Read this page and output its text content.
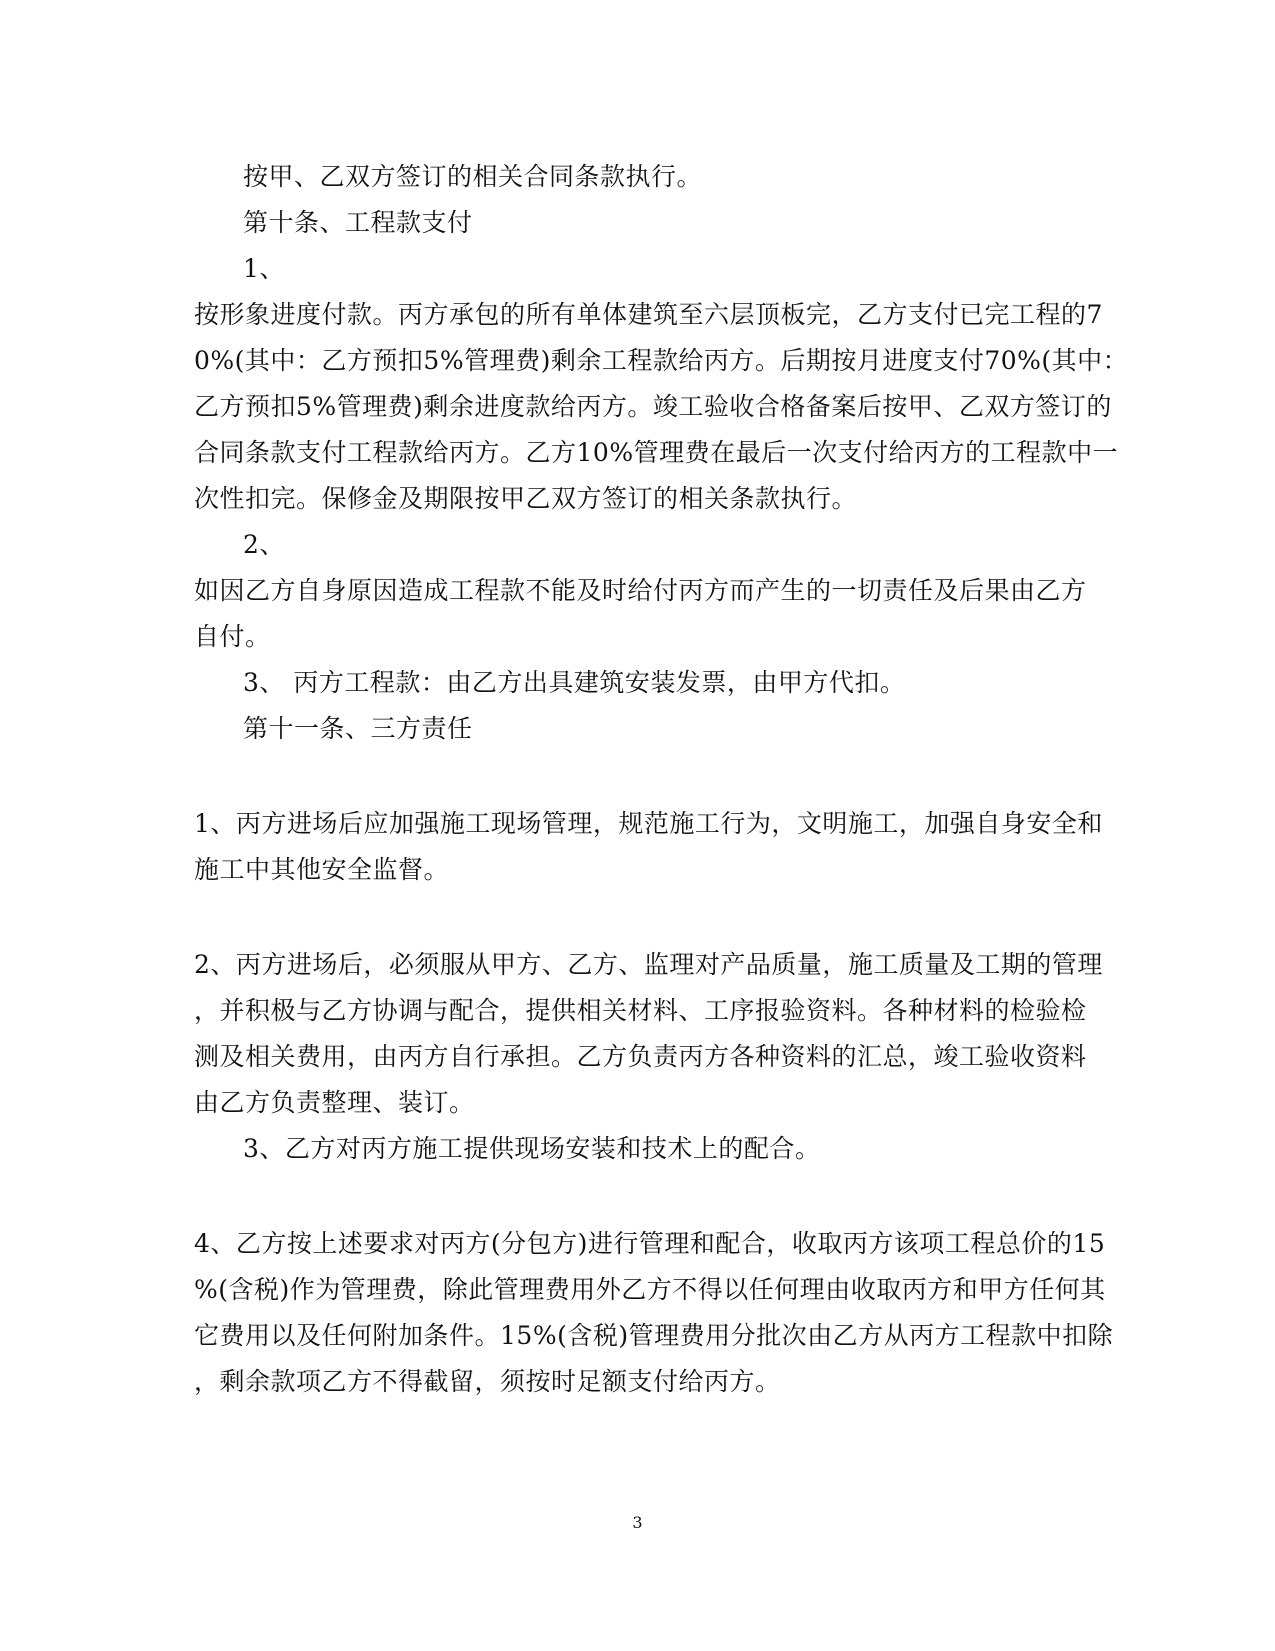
按甲、乙双方签订的相关合同条款执行。
第十条、工程款支付
1、
按形象进度付款。丙方承包的所有单体建筑至六层顶板完，乙方支付已完工程的7
0%(其中：乙方预扣5%管理费)剩余工程款给丙方。后期按月进度支付70%(其中：
乙方预扣5%管理费)剩余进度款给丙方。竣工验收合格备案后按甲、乙双方签订的
合同条款支付工程款给丙方。乙方10%管理费在最后一次支付给丙方的工程款中一
次性扣完。保修金及期限按甲乙双方签订的相关条款执行。
2、
如因乙方自身原因造成工程款不能及时给付丙方而产生的一切责任及后果由乙方
自付。
3、 丙方工程款：由乙方出具建筑安装发票，由甲方代扣。
第十一条、三方责任
1、丙方进场后应加强施工现场管理，规范施工行为，文明施工，加强自身安全和
施工中其他安全监督。
2、丙方进场后，必须服从甲方、乙方、监理对产品质量，施工质量及工期的管理
，并积极与乙方协调与配合，提供相关材料、工序报验资料。各种材料的检验检
测及相关费用，由丙方自行承担。乙方负责丙方各种资料的汇总，竣工验收资料
由乙方负责整理、装订。
3、乙方对丙方施工提供现场安装和技术上的配合。
4、乙方按上述要求对丙方(分包方)进行管理和配合，收取丙方该项工程总价的15
%(含税)作为管理费，除此管理费用外乙方不得以任何理由收取丙方和甲方任何其
它费用以及任何附加条件。15%(含税)管理费用分批次由乙方从丙方工程款中扣除
，剩余款项乙方不得截留，须按时足额支付给丙方。
3
